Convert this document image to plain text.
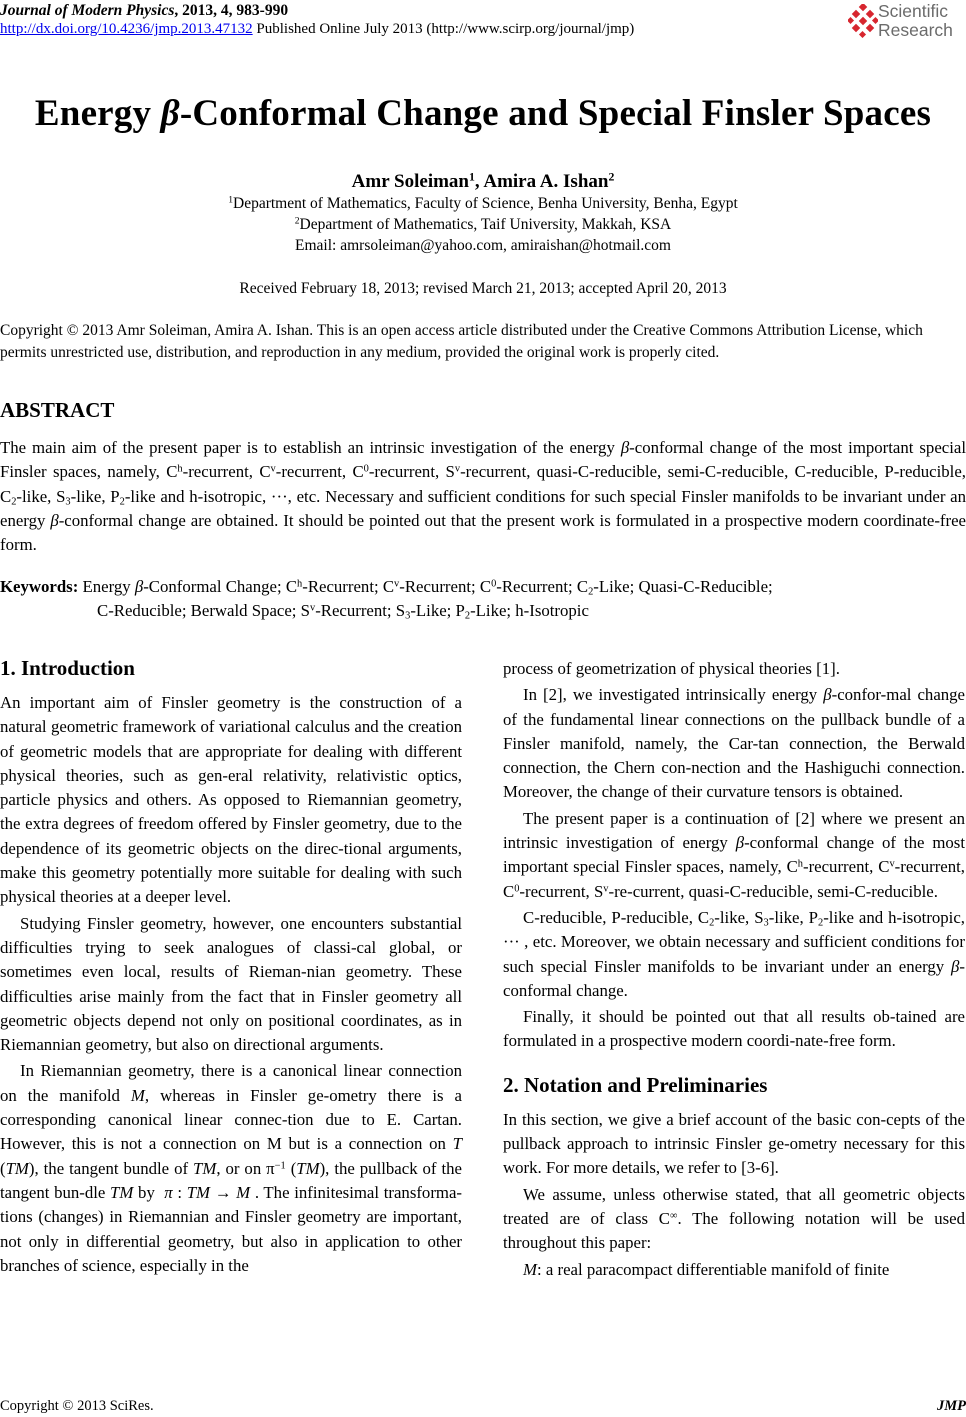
Journal of Modern Physics, 2013, 4, 983-990
http://dx.doi.org/10.4236/jmp.2013.47132 Published Online July 2013 (http://www.scirp.org/journal/jmp)
Scientific
Research
Energy β-Conformal Change and Special Finsler Spaces
Amr Soleiman$^1$, Amira A. Ishan$^2$
$^1$Department of Mathematics, Faculty of Science, Benha University, Benha, Egypt
$^2$Department of Mathematics, Taif University, Makkah, KSA
Email: amrsoleiman@yahoo.com, amiraishan@hotmail.com
Received February 18, 2013; revised March 21, 2013; accepted April 20, 2013
Copyright © 2013 Amr Soleiman, Amira A. Ishan. This is an open access article distributed under the Creative Commons Attribution License, which permits unrestricted use, distribution, and reproduction in any medium, provided the original work is properly cited.
ABSTRACT
The main aim of the present paper is to establish an intrinsic investigation of the energy β-conformal change of the most important special Finsler spaces, namely, $C^h$-recurrent, $C^v$-recurrent, $C^0$-recurrent, $S^v$-recurrent, quasi-C-reducible, semi-C-reducible, C-reducible, P-reducible, $C_2$-like, $S_3$-like, $P_2$-like and h-isotropic, ···, etc. Necessary and sufficient conditions for such special Finsler manifolds to be invariant under an energy β-conformal change are obtained. It should be pointed out that the present work is formulated in a prospective modern coordinate-free form.
Keywords: Energy β-Conformal Change; $C^h$-Recurrent; $C^v$-Recurrent; $C^0$-Recurrent; $C_2$-Like; Quasi-C-Reducible;
C-Reducible; Berwald Space; $S^v$-Recurrent; $S_3$-Like; $P_2$-Like; h-Isotropic
1. Introduction

An important aim of Finsler geometry is the construction of a natural geometric framework of variational calculus and the creation of geometric models that are appropriate for dealing with different physical theories, such as gen-eral relativity, relativistic optics, particle physics and others. As opposed to Riemannian geometry, the extra degrees of freedom offered by Finsler geometry, due to the dependence of its geometric objects on the direc-tional arguments, make this geometry potentially more suitable for dealing with such physical theories at a deeper level.

Studying Finsler geometry, however, one encounters substantial difficulties trying to seek analogues of classi-cal global, or sometimes even local, results of Rieman-nian geometry. These difficulties arise mainly from the fact that in Finsler geometry all geometric objects depend not only on positional coordinates, as in Riemannian geometry, but also on directional arguments.

In Riemannian geometry, there is a canonical linear connection on the manifold M, whereas in Finsler ge-ometry there is a corresponding canonical linear connec-tion due to E. Cartan. However, this is not a connection on M but is a connection on T (TM), the tangent bundle of TM, or on $\pi^{-1}$ (TM), the pullback of the tangent bun-dle TM by  π : TM → M . The infinitesimal transforma-tions (changes) in Riemannian and Finsler geometry are important, not only in differential geometry, but also in application to other branches of science, especially in the

process of geometrization of physical theories [1].

In [2], we investigated intrinsically energy β-confor-mal change of the fundamental linear connections on the pullback bundle of a Finsler manifold, namely, the Car-tan connection, the Berwald connection, the Chern con-nection and the Hashiguchi connection. Moreover, the change of their curvature tensors is obtained.

The present paper is a continuation of [2] where we present an intrinsic investigation of energy β-conformal change of the most important special Finsler spaces, namely, $C^h$-recurrent, $C^v$-recurrent, $C^0$-recurrent, $S^v-re$-current, quasi-C-reducible, semi-C-reducible.

C-reducible, P-reducible, $C_2$-like, $S_3$-like, $P_2$-like and h-isotropic, ··· , etc. Moreover, we obtain necessary and sufficient conditions for such special Finsler manifolds to be invariant under an energy β-conformal change.

Finally, it should be pointed out that all results ob-tained are formulated in a prospective modern coordi-nate-free form.

2. Notation and Preliminaries

In this section, we give a brief account of the basic con-cepts of the pullback approach to intrinsic Finsler ge-ometry necessary for this work. For more details, we refer to [3-6].

We assume, unless otherwise stated, that all geometric objects treated are of class C∞. The following notation will be used throughout this paper:

M: a real paracompact differentiable manifold of finite

Copyright © 2013 SciRes.	JMP
